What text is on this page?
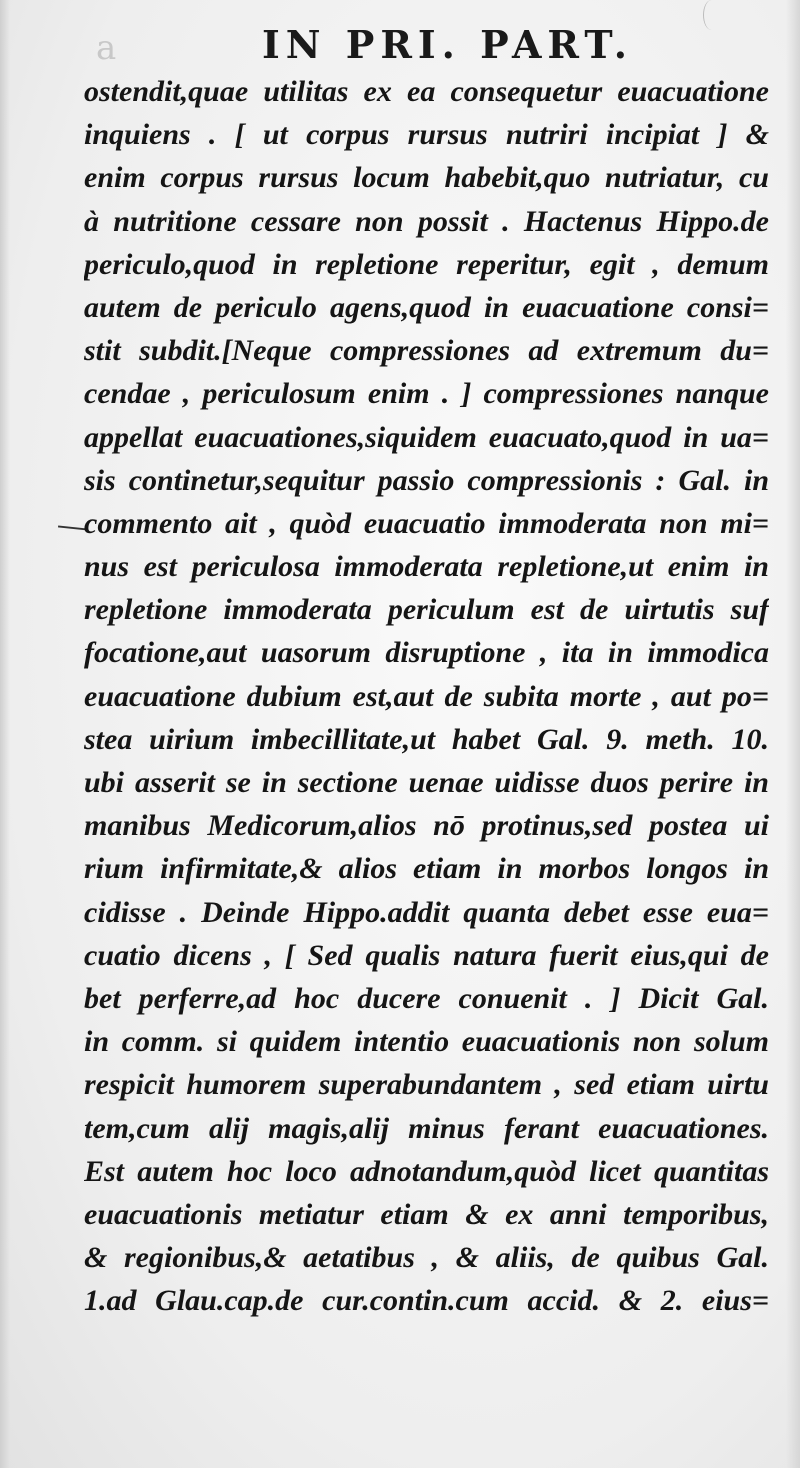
a	IN PRI. PART.
ostendit,quae utilitas ex ea consequetur euacuatione
inquiens . [ ut corpus rursus nutriri incipiat ] &
enim corpus rursus locum habebit,quo nutriatur, cu
à nutritione cessare non possit . Hactenus Hippo.de
periculo,quod in repletione reperitur, egit , demum
autem de periculo agens,quod in euacuatione consi=
stit subdit.[Neque compressiones ad extremum du=
cendae , periculosum enim . ] compressiones nanque
appellat euacuationes,siquidem euacuato,quod in ua=
sis continetur,sequitur passio compressionis : Gal. in
commento ait , quòd euacuatio immoderata non mi=
nus est periculosa immoderata repletione,ut enim in
repletione immoderata periculum est de uirtutis suf
focatione,aut uasorum disruptione , ita in immodica
euacuatione dubium est,aut de subita morte , aut po=
stea uirium imbecillitate,ut habet Gal. 9. meth. 10.
ubi asserit se in sectione uenae uidisse duos perire in
manibus Medicorum,alios nō protinus,sed postea ui
rium infirmitate,& alios etiam in morbos longos in
cidisse . Deinde Hippo.addit quanta debet esse eua=
cuatio dicens , [ Sed qualis natura fuerit eius,qui de
bet perferre,ad hoc ducere conuenit . ] Dicit Gal.
in comm. si quidem intentio euacuationis non solum
respicit humorem superabundantem , sed etiam uirtu
tem,cum alij magis,alij minus ferant euacuationes.
Est autem hoc loco adnotandum,quòd licet quantitas
euacuationis metiatur etiam & ex anni temporibus,
& regionibus,& aetatibus , & aliis, de quibus Gal.
1.ad Glau.cap.de cur.contin.cum accid. & 2. eius=
